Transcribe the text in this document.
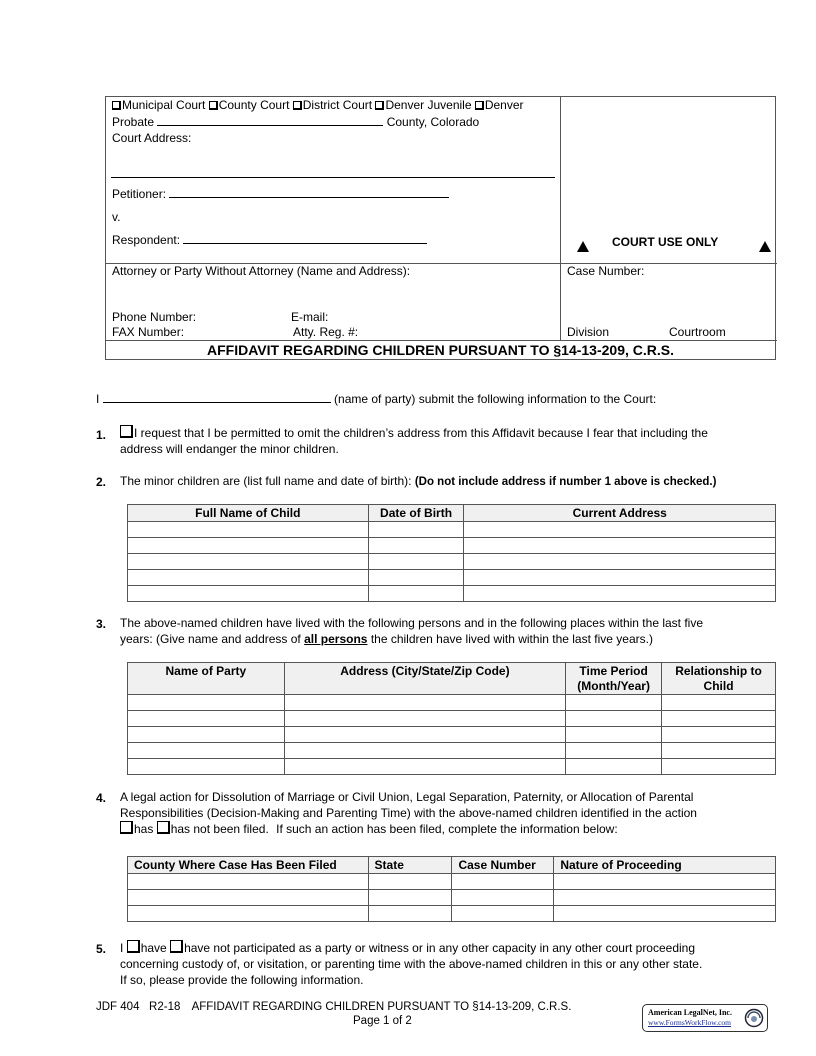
Municipal Court County Court District Court Denver Juvenile Denver
Probate	County, Colorado
Court Address:
Petitioner:
v.
Respondent:	COURT USE ONLY
Attorney or Party Without Attorney (Name and Address):
Phone Number:	E-mail:
FAX Number:	Atty. Reg. #:
Case Number:
Division	Courtroom
AFFIDAVIT REGARDING CHILDREN PURSUANT TO §14-13-209, C.R.S.
I	(name of party) submit the following information to the Court:
1.	I request that I be permitted to omit the children’s address from this Affidavit because I fear that including the
address will endanger the minor children.
2. The minor children are (list full name and date of birth): (Do not include address if number 1 above is checked.)
Full Name of Child	Date of Birth	Current Address

3. The above-named children have lived with the following persons and in the following places within the last five
years: (Give name and address of all persons the children have lived with within the last five years.)
Name of Party	Address (City/State/Zip Code)	Time Period (Month/Year)	Relationship to Child

4. A legal action for Dissolution of Marriage or Civil Union, Legal Separation, Paternity, or Allocation of Parental
Responsibilities (Decision-Making and Parenting Time) with the above-named children identified in the action
has has not been filed. If such an action has been filed, complete the information below:
County Where Case Has Been Filed	State	Case Number	Nature of Proceeding

5. I have have not participated as a party or witness or in any other capacity in any other court proceeding
concerning custody of, or visitation, or parenting time with the above-named children in this or any other state.
If so, please provide the following information.
JDF 404   R2-18 AFFIDAVIT REGARDING CHILDREN PURSUANT TO §14-13-209, C.R.S.
Page 1 of 2
American LegalNet, Inc.
www.FormsWorkFlow.com
